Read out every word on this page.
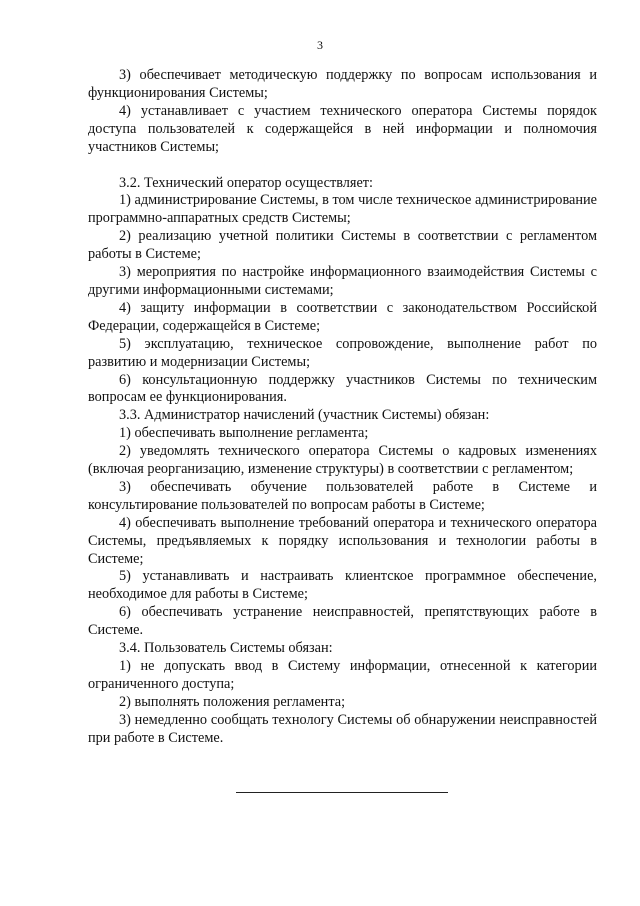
3

3) обеспечивает методическую поддержку по вопросам использования и функционирования Системы;

4) устанавливает с участием технического оператора Системы порядок доступа пользователей к содержащейся в ней информации и полномочия участников Системы;

3.2. Технический оператор осуществляет:

1) администрирование Системы, в том числе техническое администрирование программно-аппаратных средств Системы;

2) реализацию учетной политики Системы в соответствии с регламентом работы в Системе;

3) мероприятия по настройке информационного взаимодействия Системы с другими информационными системами;

4) защиту информации в соответствии с законодательством Российской Федерации, содержащейся в Системе;

5) эксплуатацию, техническое сопровождение, выполнение работ по развитию и модернизации Системы;

6) консультационную поддержку участников Системы по техническим вопросам ее функционирования.

3.3. Администратор начислений (участник Системы) обязан:

1) обеспечивать выполнение регламента;

2) уведомлять технического оператора Системы о кадровых изменениях (включая реорганизацию, изменение структуры) в соответствии с регламентом;

3) обеспечивать обучение пользователей работе в Системе и консультирование пользователей по вопросам работы в Системе;

4) обеспечивать выполнение требований оператора и технического оператора Системы, предъявляемых к порядку использования и технологии работы в Системе;

5) устанавливать и настраивать клиентское программное обеспечение, необходимое для работы в Системе;

6) обеспечивать устранение неисправностей, препятствующих работе в Системе.

3.4. Пользователь Системы обязан:

1) не допускать ввод в Систему информации, отнесенной к категории ограниченного доступа;

2) выполнять положения регламента;

3) немедленно сообщать технологу Системы об обнаружении неисправностей при работе в Системе.
